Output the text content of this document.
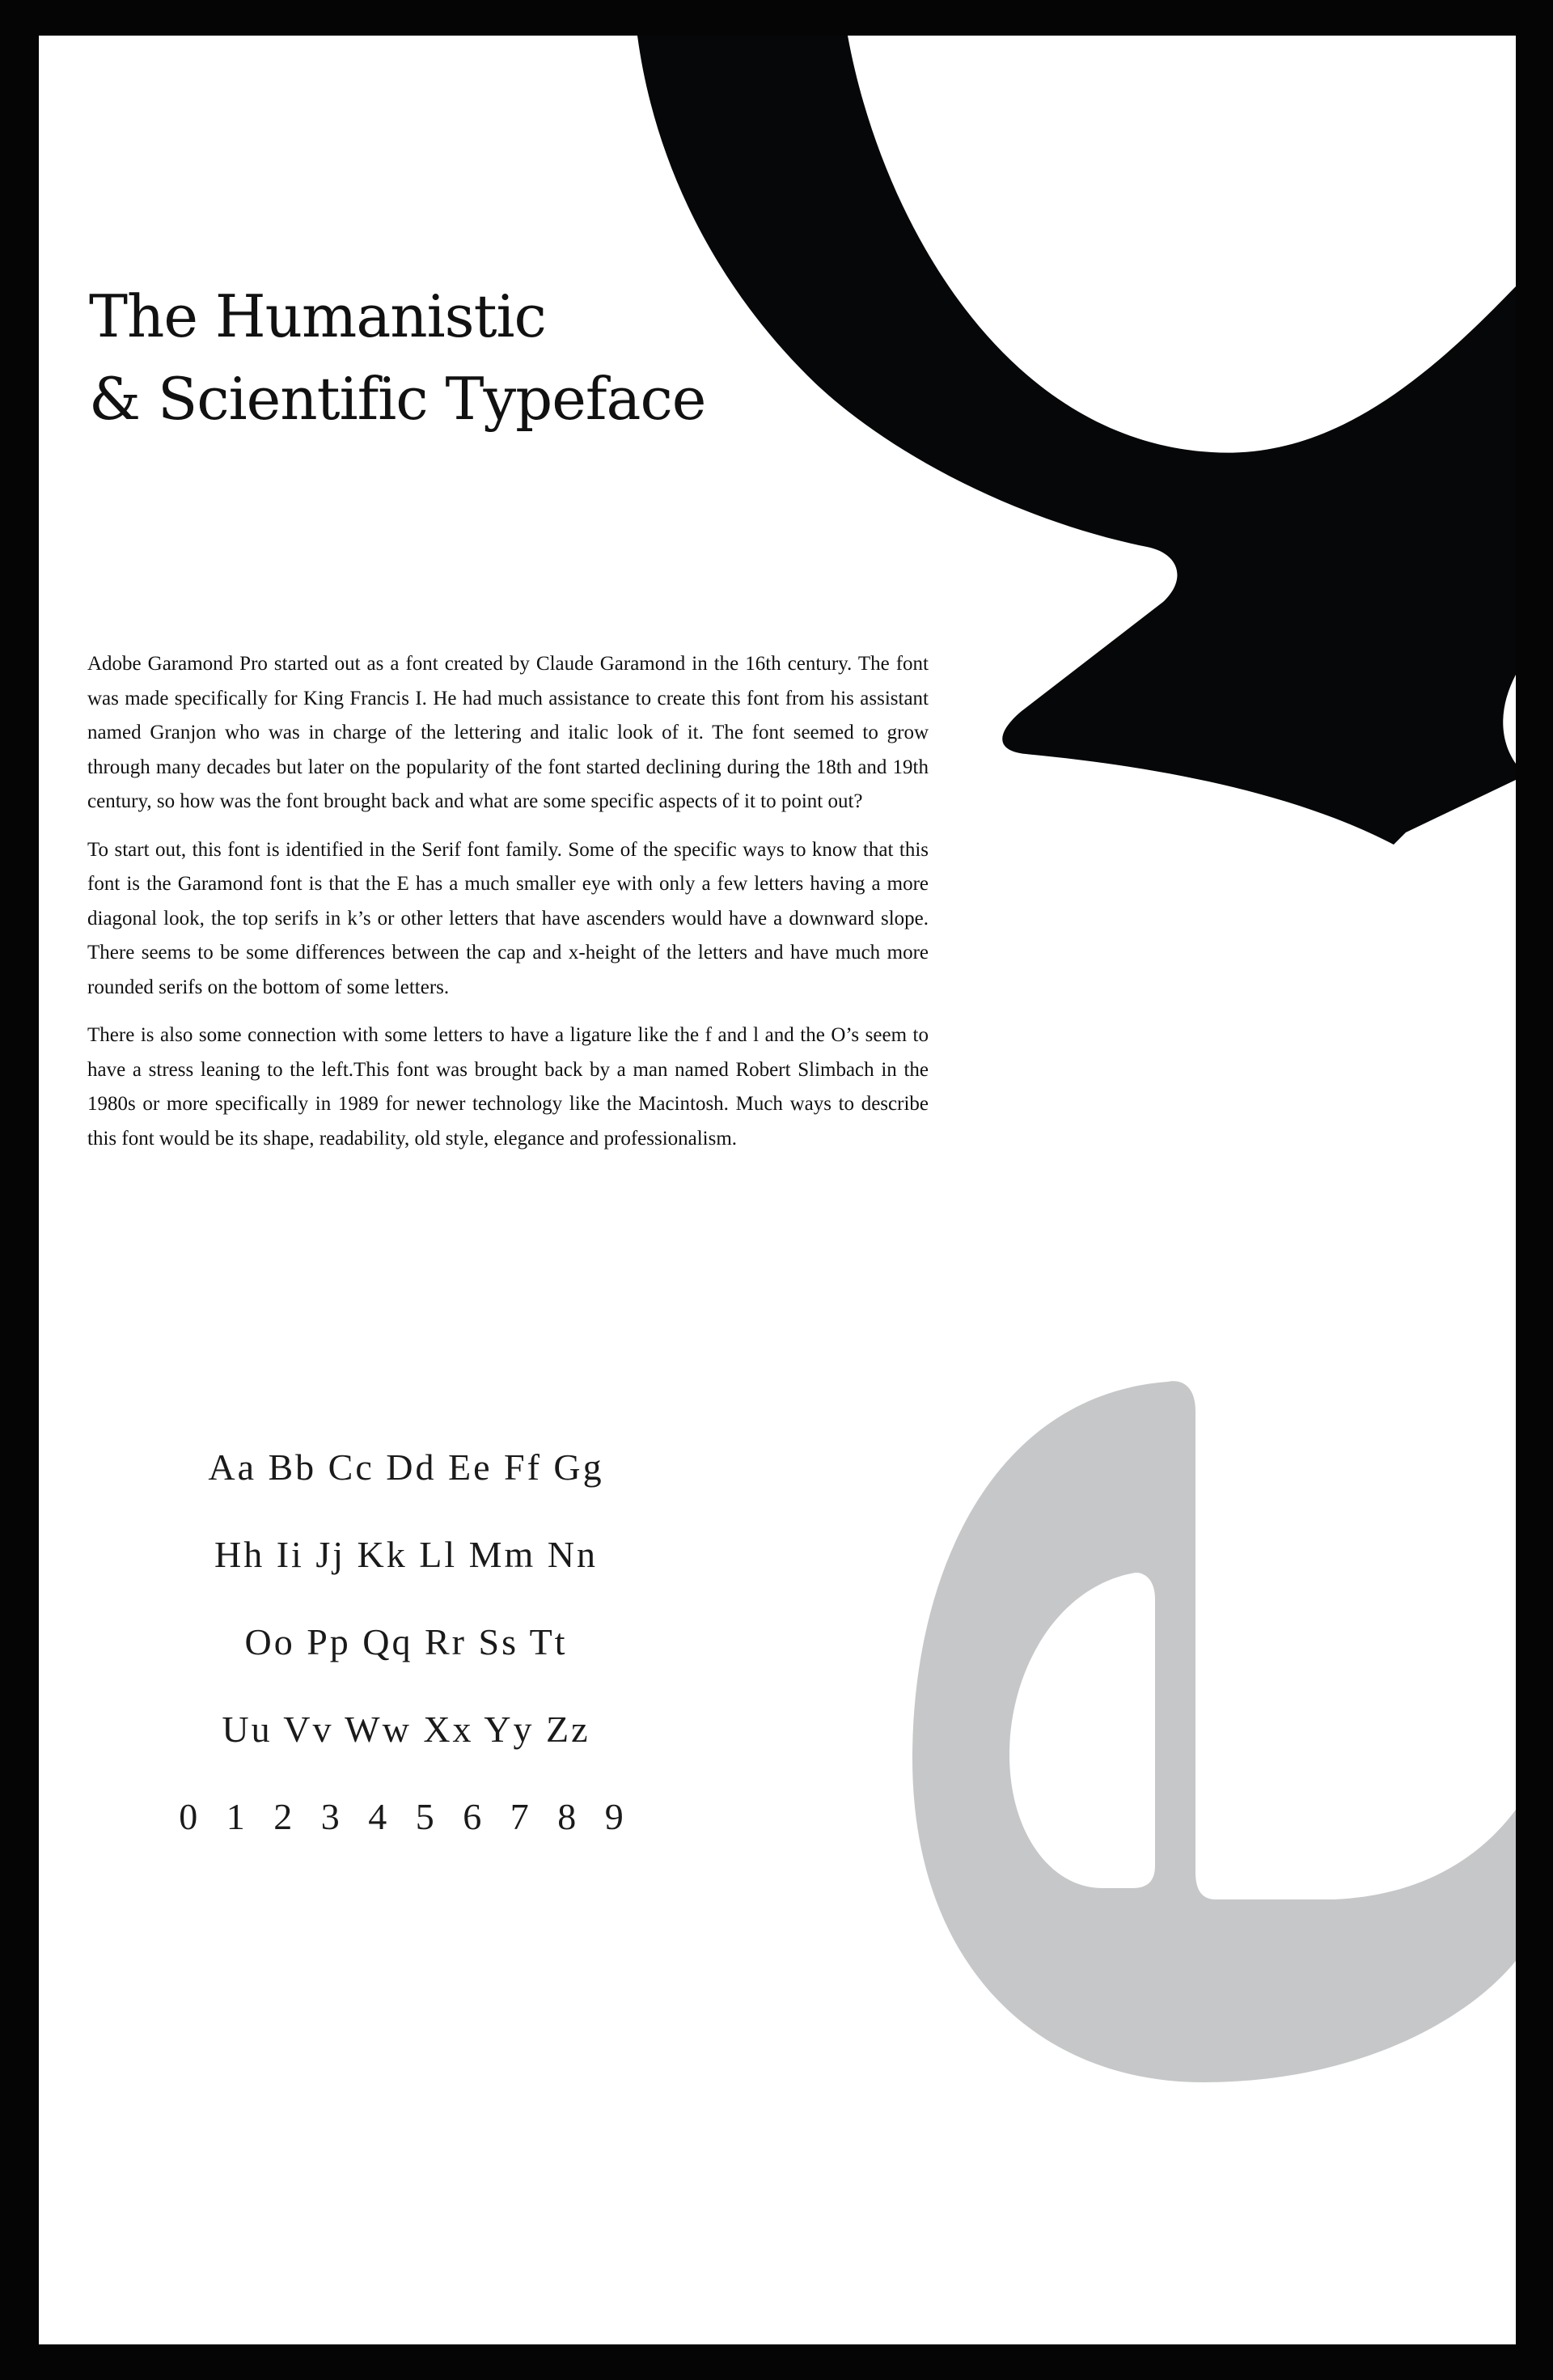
The Humanistic
& Scientific Typeface

Adobe Garamond Pro started out as a font created by Claude Garamond in the 16th century. The font was made specifically for King Francis I. He had much assistance to create this font from his assistant named Granjon who was in charge of the lettering and italic look of it. The font seemed to grow through many decades but later on the popularity of the font started declining during the 18th and 19th century, so how was the font brought back and what are some specific aspects of it to point out?

To start out, this font is identified in the Serif font family. Some of the specific ways to know that this font is the Garamond font is that the E has a much smaller eye with only a few letters having a more diagonal look, the top serifs in k’s or other letters that have ascenders would have a downward slope. There seems to be some differences between the cap and x-height of the letters and have much more rounded serifs on the bottom of some letters.

There is also some connection with some letters to have a ligature like the f and l and the O’s seem to have a stress leaning to the left.This font was brought back by a man named Robert Slimbach in the 1980s or more specifically in 1989 for newer technology like the Macintosh. Much ways to describe this font would be its shape, readability, old style, elegance and professionalism.

Aa Bb Cc Dd Ee Ff Gg
Hh Ii Jj Kk Ll Mm Nn
Oo Pp Qq Rr Ss Tt
Uu Vv Ww Xx Yy Zz
0 1 2 3 4 5 6 7 8 9
